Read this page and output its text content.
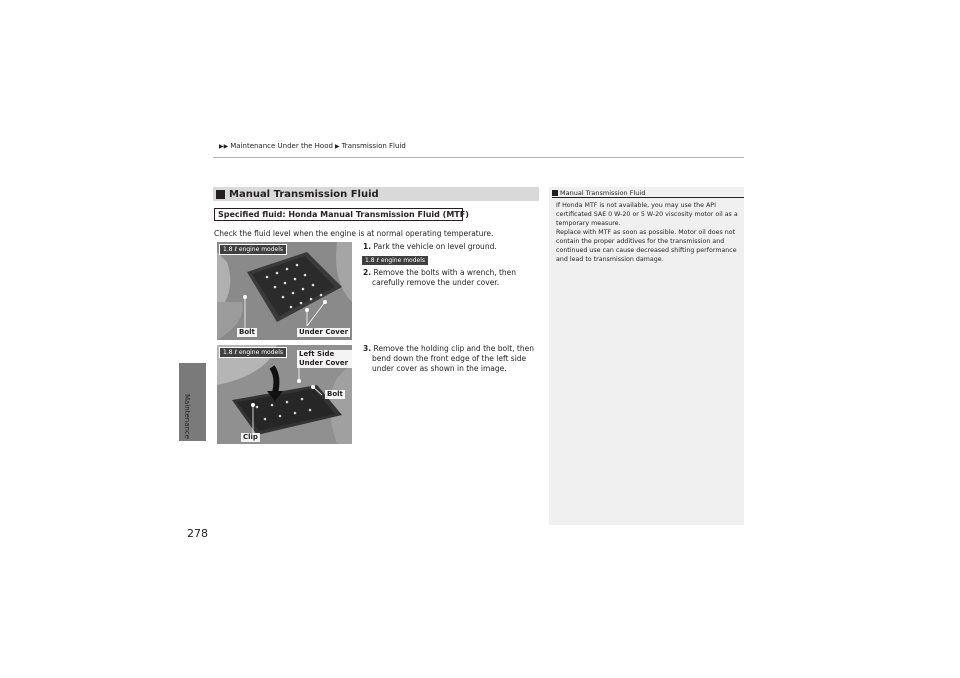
▶▶ Maintenance Under the Hood ▶ Transmission Fluid
Maintenance
278
Manual Transmission Fluid
Specified fluid: Honda Manual Transmission Fluid (MTF)
Check the fluid level when the engine is at normal operating temperature.
1.8 ℓ engine models
Bolt	Under Cover
1.8 ℓ engine models	Left Side Under Cover
Bolt
Clip
1. Park the vehicle on level ground.
1.8 ℓ engine models
2. Remove the bolts with a wrench, then
carefully remove the under cover.
3. Remove the holding clip and the bolt, then
bend down the front edge of the left side
under cover as shown in the image.
Manual Transmission Fluid
If Honda MTF is not available, you may use the API certificated SAE 0 W-20 or 5 W-20 viscosity motor oil as a temporary measure.
Replace with MTF as soon as possible. Motor oil does not contain the proper additives for the transmission and continued use can cause decreased shifting performance and lead to transmission damage.
